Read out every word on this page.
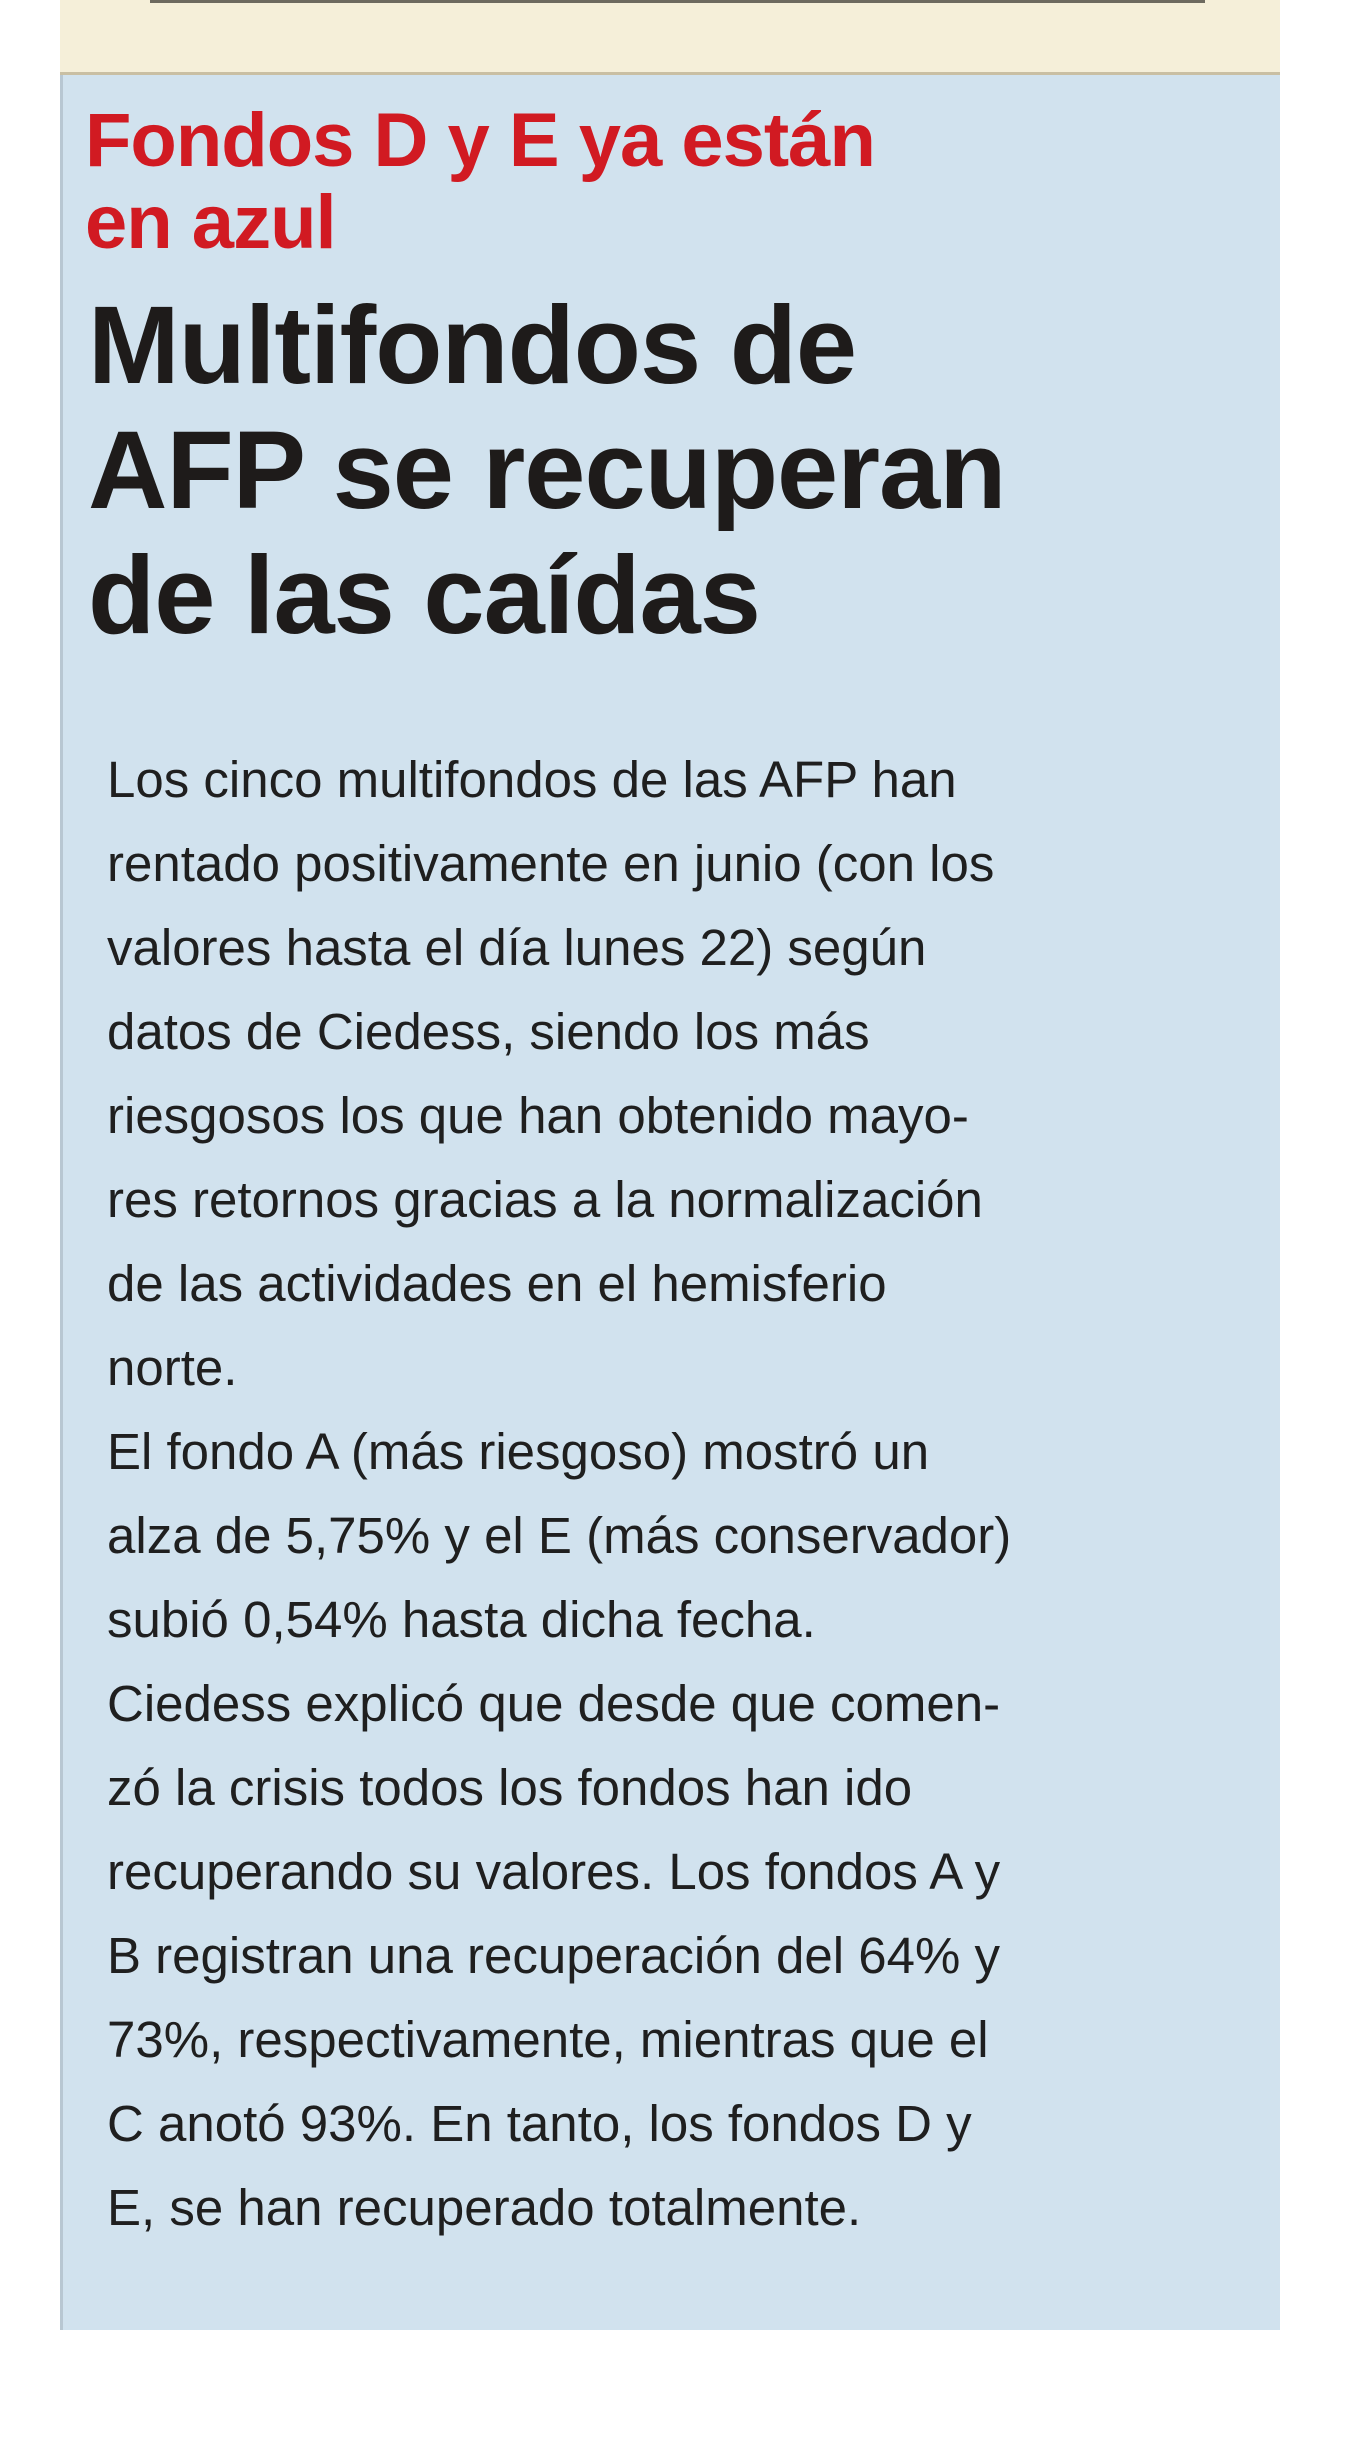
Fondos D y E ya están
en azul
Multifondos de
AFP se recuperan
de las caídas

Los cinco multifondos de las AFP han
rentado positivamente en junio (con los
valores hasta el día lunes 22) según
datos de Ciedess, siendo los más
riesgosos los que han obtenido mayo-
res retornos gracias a la normalización
de las actividades en el hemisferio
norte.

El fondo A (más riesgoso) mostró un
alza de 5,75% y el E (más conservador)
subió 0,54% hasta dicha fecha.

Ciedess explicó que desde que comen-
zó la crisis todos los fondos han ido
recuperando su valores. Los fondos A y
B registran una recuperación del 64% y
73%, respectivamente, mientras que el
C anotó 93%. En tanto, los fondos D y
E, se han recuperado totalmente.
